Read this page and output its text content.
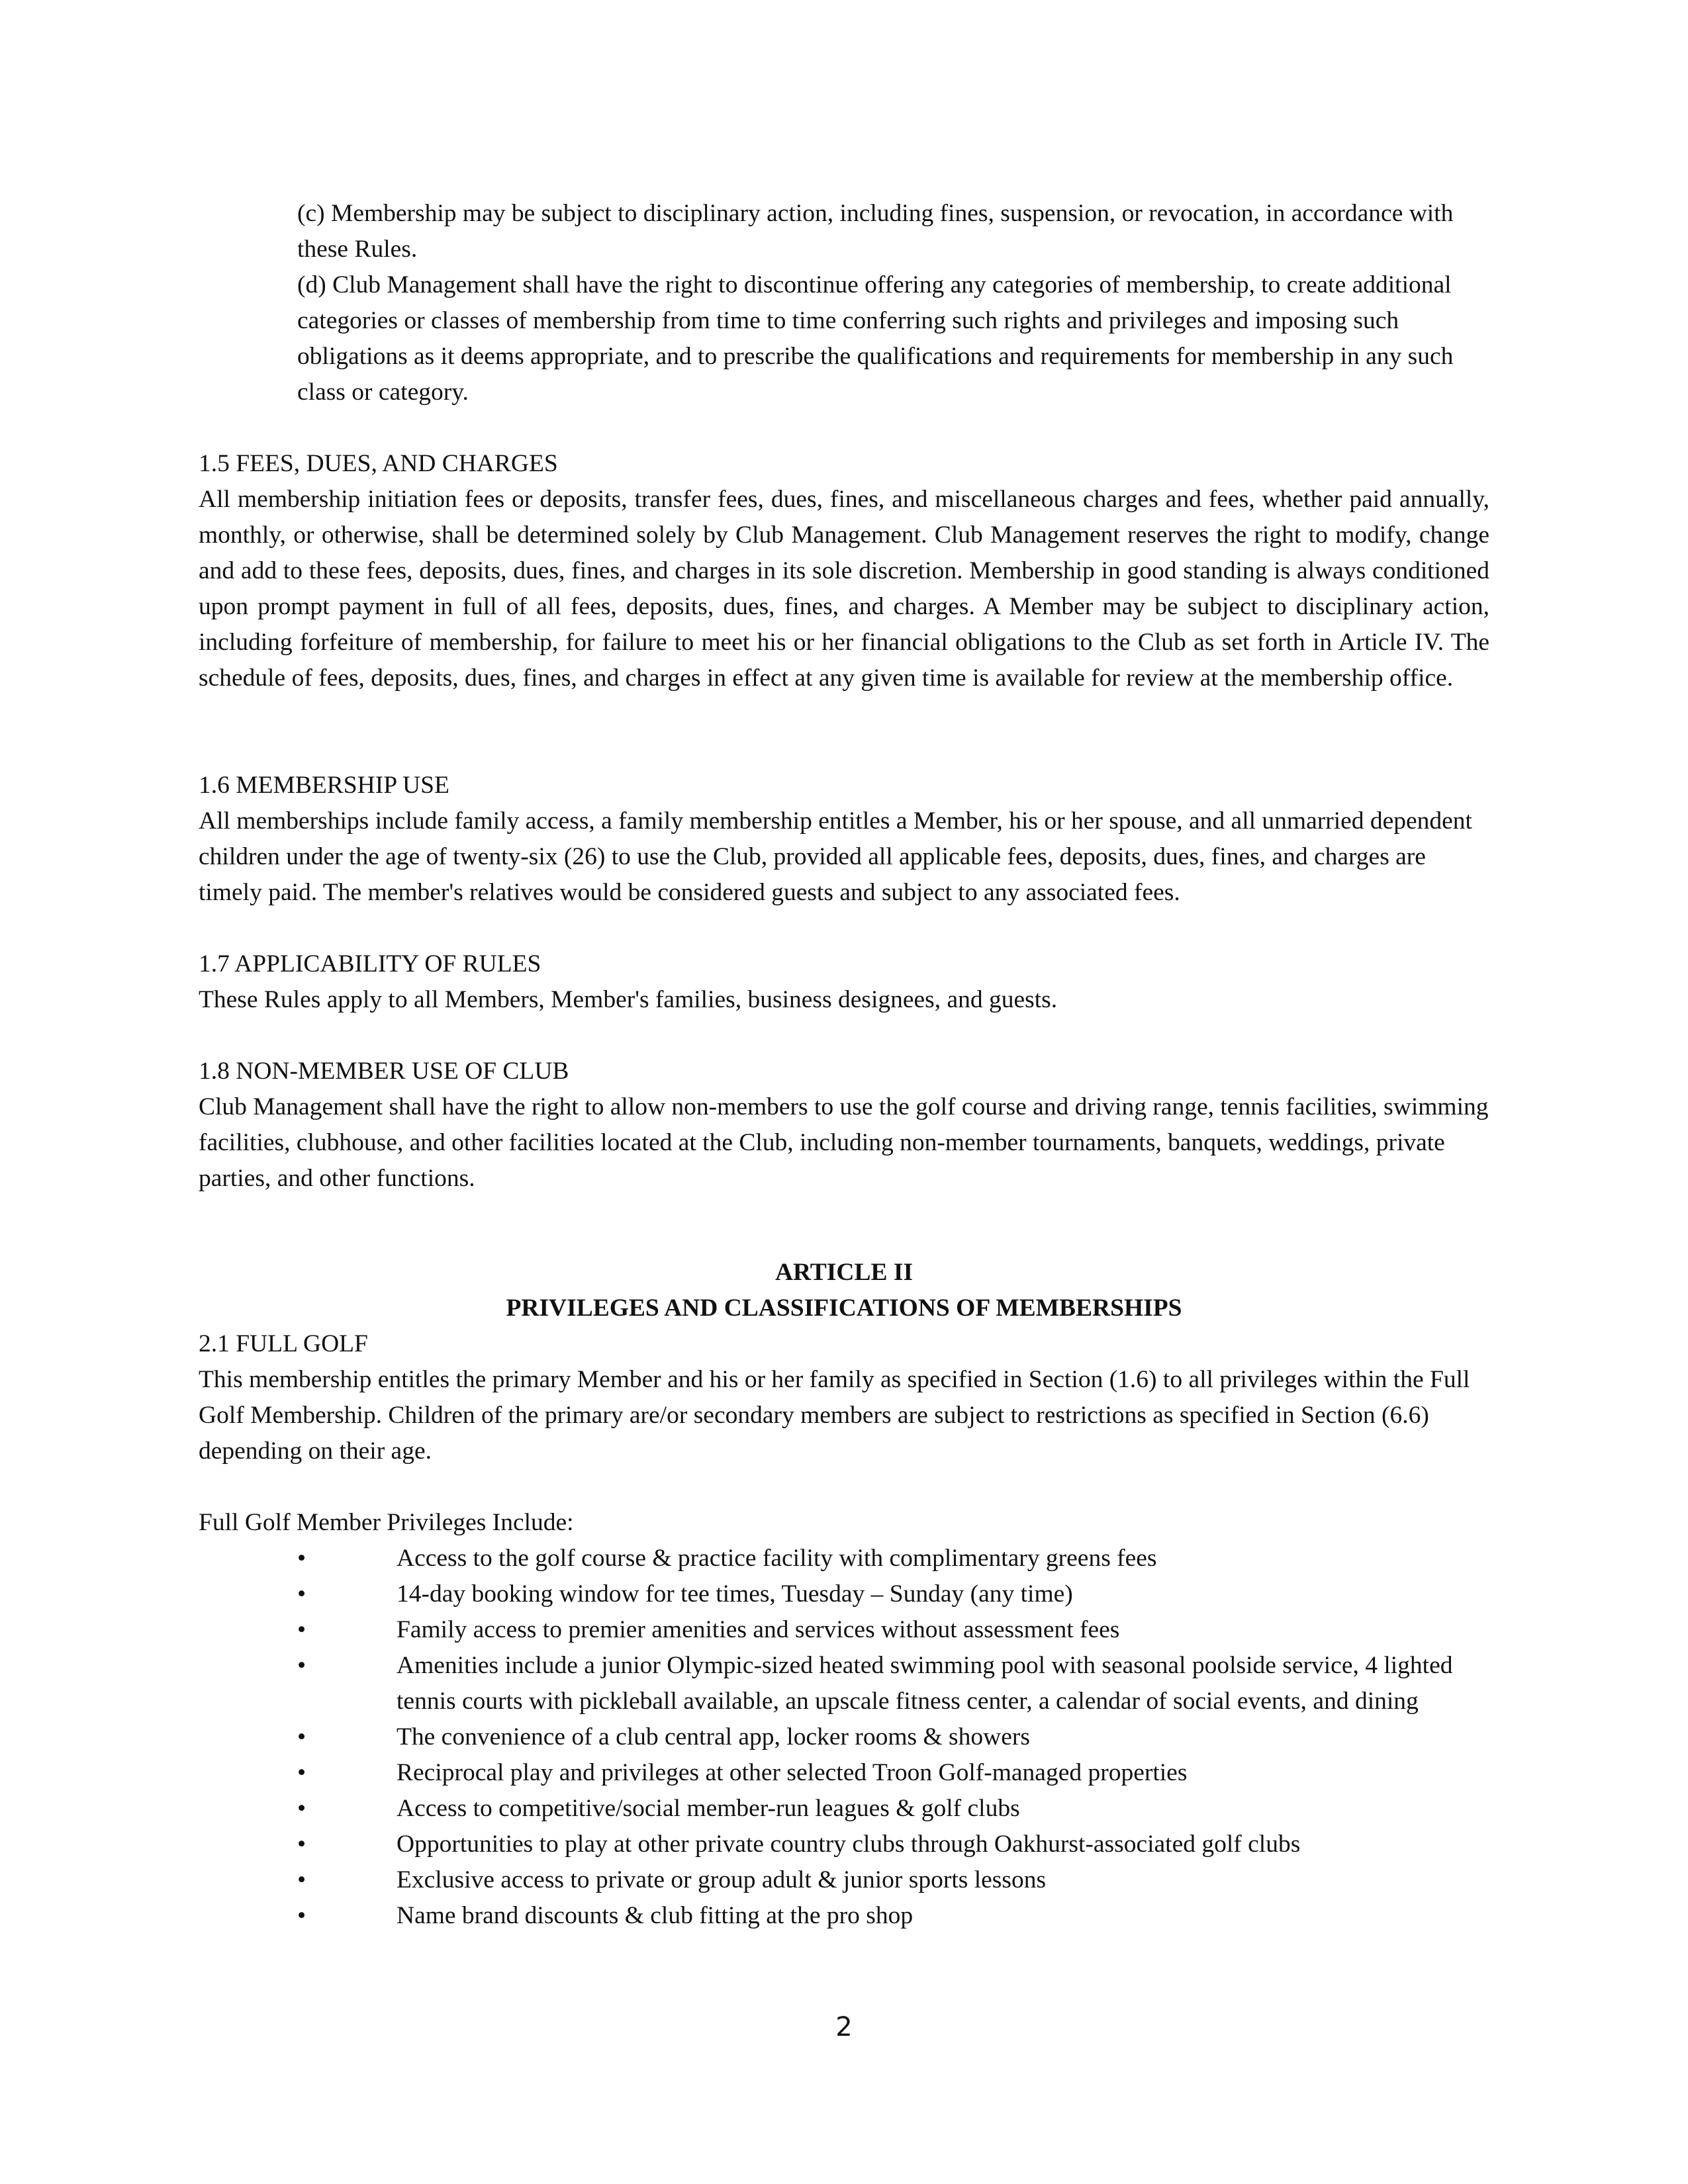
(c) Membership may be subject to disciplinary action, including fines, suspension, or revocation, in accordance with these Rules.

(d) Club Management shall have the right to discontinue offering any categories of membership, to create additional categories or classes of membership from time to time conferring such rights and privileges and imposing such obligations as it deems appropriate, and to prescribe the qualifications and requirements for membership in any such class or category.

1.5 FEES, DUES, AND CHARGES

All membership initiation fees or deposits, transfer fees, dues, fines, and miscellaneous charges and fees, whether paid annually, monthly, or otherwise, shall be determined solely by Club Management. Club Management reserves the right to modify, change and add to these fees, deposits, dues, fines, and charges in its sole discretion. Membership in good standing is always conditioned upon prompt payment in full of all fees, deposits, dues, fines, and charges. A Member may be subject to disciplinary action, including forfeiture of membership, for failure to meet his or her financial obligations to the Club as set forth in Article IV. The schedule of fees, deposits, dues, fines, and charges in effect at any given time is available for review at the membership office.

1.6 MEMBERSHIP USE

All memberships include family access, a family membership entitles a Member, his or her spouse, and all unmarried dependent children under the age of twenty-six (26) to use the Club, provided all applicable fees, deposits, dues, fines, and charges are timely paid. The member's relatives would be considered guests and subject to any associated fees.

1.7 APPLICABILITY OF RULES

These Rules apply to all Members, Member's families, business designees, and guests.

1.8 NON-MEMBER USE OF CLUB

Club Management shall have the right to allow non-members to use the golf course and driving range, tennis facilities, swimming facilities, clubhouse, and other facilities located at the Club, including non-member tournaments, banquets, weddings, private parties, and other functions.

ARTICLE II
PRIVILEGES AND CLASSIFICATIONS OF MEMBERSHIPS
2.1 FULL GOLF

This membership entitles the primary Member and his or her family as specified in Section (1.6) to all privileges within the Full Golf Membership. Children of the primary are/or secondary members are subject to restrictions as specified in Section (6.6) depending on their age.

Full Golf Member Privileges Include:
•	Access to the golf course & practice facility with complimentary greens fees
•	14-day booking window for tee times, Tuesday – Sunday (any time)
•	Family access to premier amenities and services without assessment fees
•	Amenities include a junior Olympic-sized heated swimming pool with seasonal poolside service, 4 lighted tennis courts with pickleball available, an upscale fitness center, a calendar of social events, and dining
•	The convenience of a club central app, locker rooms & showers
•	Reciprocal play and privileges at other selected Troon Golf-managed properties
•	Access to competitive/social member-run leagues & golf clubs
•	Opportunities to play at other private country clubs through Oakhurst-associated golf clubs
•	Exclusive access to private or group adult & junior sports lessons
•	Name brand discounts & club fitting at the pro shop
2
